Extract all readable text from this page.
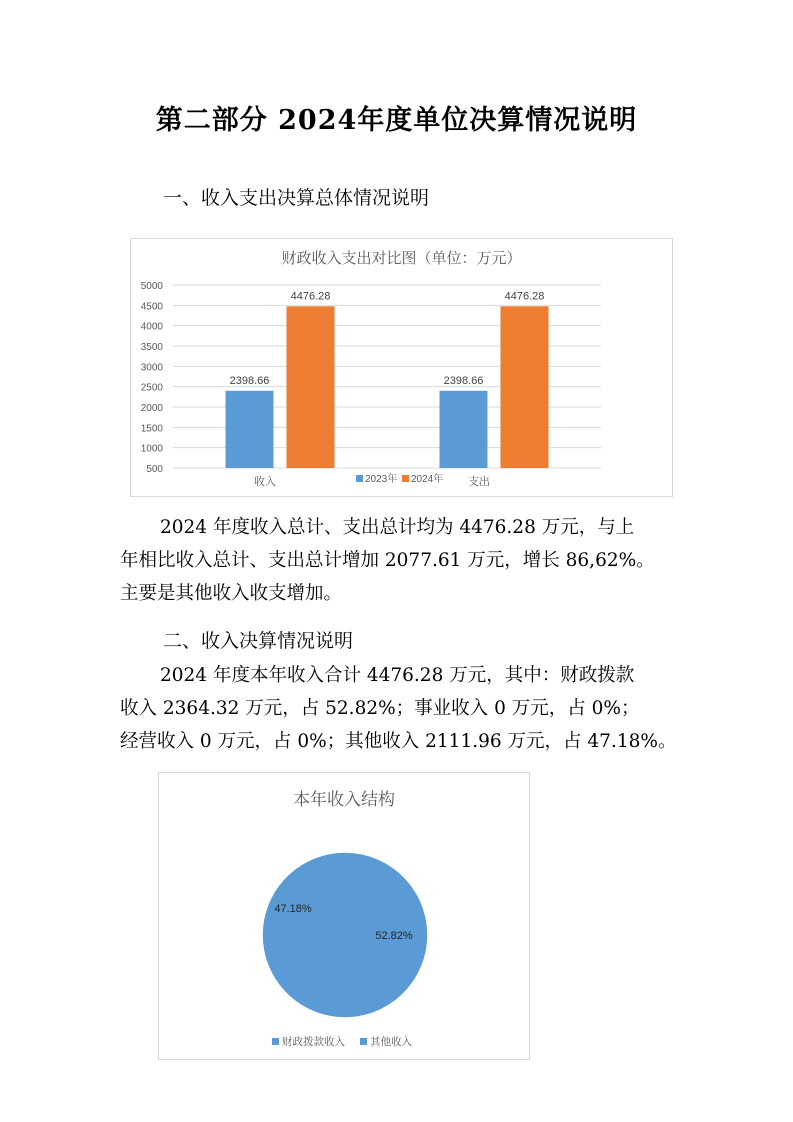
第二部分 2024年度单位决算情况说明
一、收入支出决算总体情况说明
财政收入支出对比图（单位：万元）
500
1000
1500
2000
2500
3000
3500
4000
4500
5000
2398.66
4476.28
收入
2398.66
4476.28
支出
2023年 2024年
2024 年度收入总计、支出总计均为 4476.28 万元，与上
年相比收入总计、支出总计增加 2077.61 万元，增长 86,62%。
主要是其他收入收支增加。
二、收入决算情况说明
2024 年度本年收入合计 4476.28 万元，其中：财政拨款
收入 2364.32 万元，占 52.82%；事业收入 0 万元，占 0%；
经营收入 0 万元，占 0%；其他收入 2111.96 万元，占 47.18%。
本年收入结构
52.82%
47.18%
财政拨款收入 其他收入
